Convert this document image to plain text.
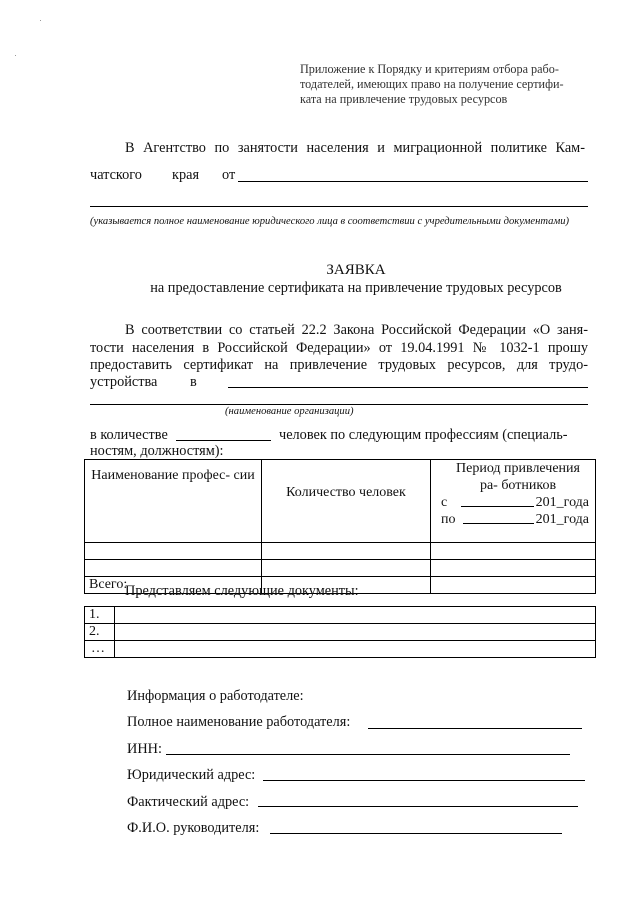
Приложение к Порядку и критериям отбора рабо-
тодателей, имеющих право на получение сертифи-
ката на привлечение трудовых ресурсов
В Агентство по занятости населения и миграционной политике Кам-
чатского края от
(указывается полное наименование юридического лица в соответствии с учредительными документами)
ЗАЯВКА
на предоставление сертификата на привлечение трудовых ресурсов
В соответствии со статьей 22.2 Закона Российской Федерации «О заня-
тости населения в Российской Федерации» от 19.04.1991 № 1032-1 прошу
предоставить сертификат на привлечение трудовых ресурсов, для трудо-
устройства в
(наименование организации)
в количестве	человек по следующим профессиям (специаль-
ностям, должностям):
Наименование профес- сии	Количество человек	Период привлечения ра- ботников
с 201_года
по 201_года

Всего:		
Представляем следующие документы:
1.	
2.	
…	
Информация о работодателе:
Полное наименование работодателя:
ИНН:
Юридический адрес:
Фактический адрес:
Ф.И.О. руководителя:
